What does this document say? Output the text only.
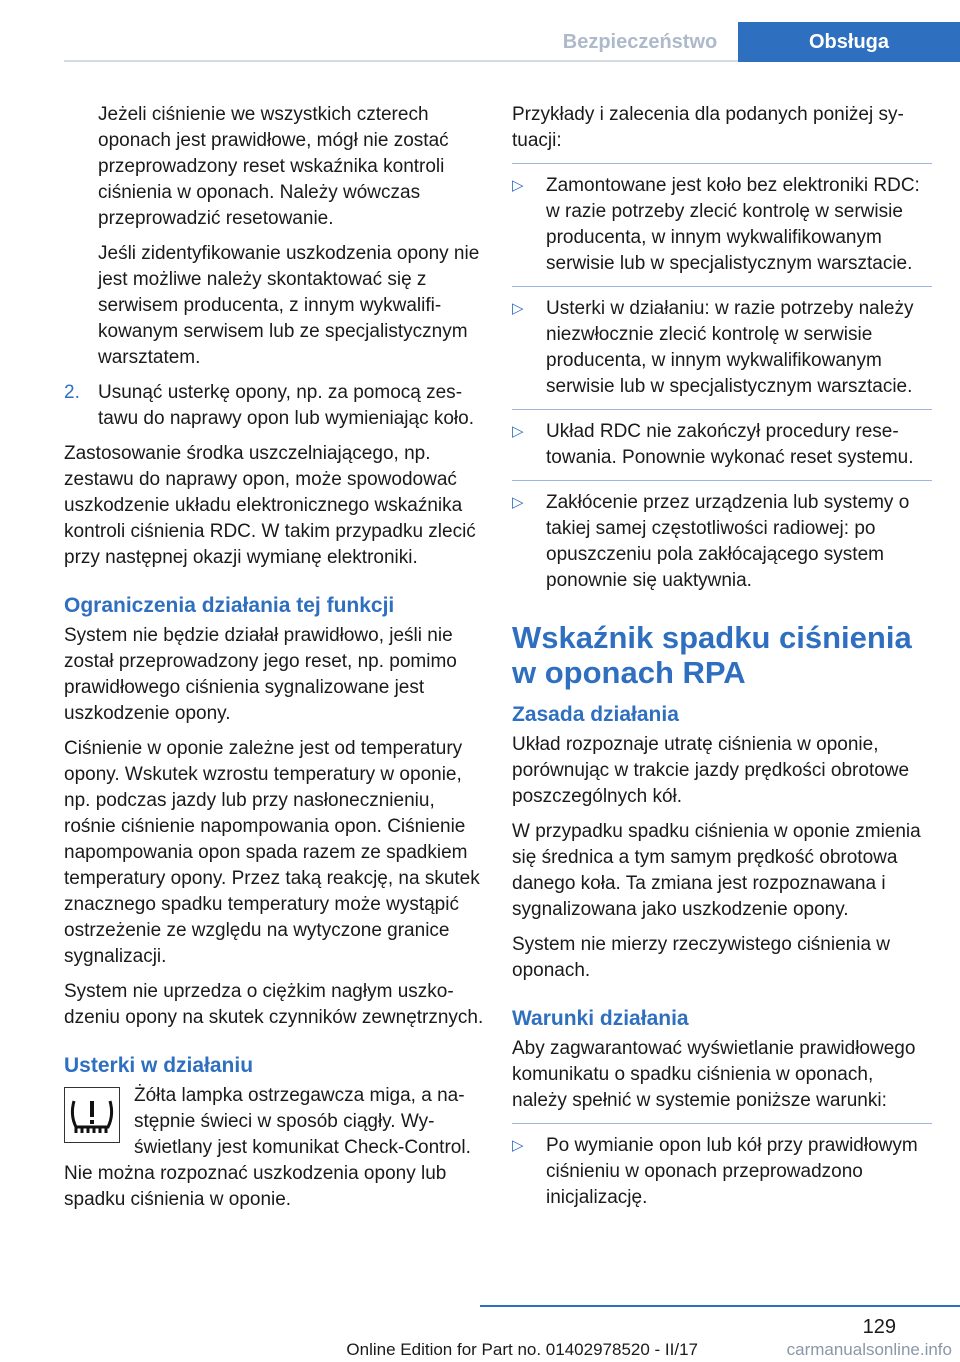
Bezpieczeństwo	Obsługa

Jeżeli ciśnienie we wszystkich czterech oponach jest prawidłowe, mógł nie zostać przeprowadzony reset wskaźnika kontroli ciśnienia w oponach. Należy wówczas przeprowadzić resetowanie.

Jeśli zidentyfikowanie uszkodzenia opony nie jest możliwe należy skontaktować się z serwisem producenta, z innym wykwalifikowanym serwisem lub ze specjalistycznym warsztatem.

2. Usunąć usterkę opony, np. za pomocą zestawu do naprawy opon lub wymieniając koło.

Zastosowanie środka uszczelniającego, np. zestawu do naprawy opon, może spowodować uszkodzenie układu elektronicznego wskaźnika kontroli ciśnienia RDC. W takim przypadku zlecić przy następnej okazji wymianę elektroniki.

Ograniczenia działania tej funkcji

System nie będzie działał prawidłowo, jeśli nie został przeprowadzony jego reset, np. pomimo prawidłowego ciśnienia sygnalizowane jest uszkodzenie opony.

Ciśnienie w oponie zależne jest od temperatury opony. Wskutek wzrostu temperatury w oponie, np. podczas jazdy lub przy nasłonecznieniu, rośnie ciśnienie napompowania opon. Ciśnienie napompowania opon spada razem ze spadkiem temperatury opony. Przez taką reakcję, na skutek znacznego spadku temperatury może wystąpić ostrzeżenie ze względu na wytyczone granice sygnalizacji.

System nie uprzedza o ciężkim nagłym uszkodzeniu opony na skutek czynników zewnętrznych.

Usterki w działaniu

Żółta lampka ostrzegawcza miga, a następnie świeci w sposób ciągły. Wyświetlany jest komunikat Check-Control. Nie można rozpoznać uszkodzenia opony lub spadku ciśnienia w oponie.

Przykłady i zalecenia dla podanych poniżej sytuacji:

▷	Zamontowane jest koło bez elektroniki RDC: w razie potrzeby zlecić kontrolę w serwisie producenta, w innym wykwalifikowanym serwisie lub w specjalistycznym warsztacie.
▷	Usterki w działaniu: w razie potrzeby należy niezwłocznie zlecić kontrolę w serwisie producenta, w innym wykwalifikowanym serwisie lub w specjalistycznym warsztacie.
▷	Układ RDC nie zakończył procedury resetowania. Ponownie wykonać reset systemu.
▷	Zakłócenie przez urządzenia lub systemy o takiej samej częstotliwości radiowej: po opuszczeniu pola zakłócającego system ponownie się uaktywnia.
Wskaźnik spadku ciśnienia w oponach RPA
Zasada działania

Układ rozpoznaje utratę ciśnienia w oponie, porównując w trakcie jazdy prędkości obrotowe poszczególnych kół.

W przypadku spadku ciśnienia w oponie zmienia się średnica a tym samym prędkość obrotowa danego koła. Ta zmiana jest rozpoznawana i sygnalizowana jako uszkodzenie opony.

System nie mierzy rzeczywistego ciśnienia w oponach.

Warunki działania

Aby zagwarantować wyświetlanie prawidłowego komunikatu o spadku ciśnienia w oponach, należy spełnić w systemie poniższe warunki:

▷	Po wymianie opon lub kół przy prawidłowym ciśnieniu w oponach przeprowadzono inicjalizację.
129
Online Edition for Part no. 01402978520 - II/17	carmanualsonline.info
